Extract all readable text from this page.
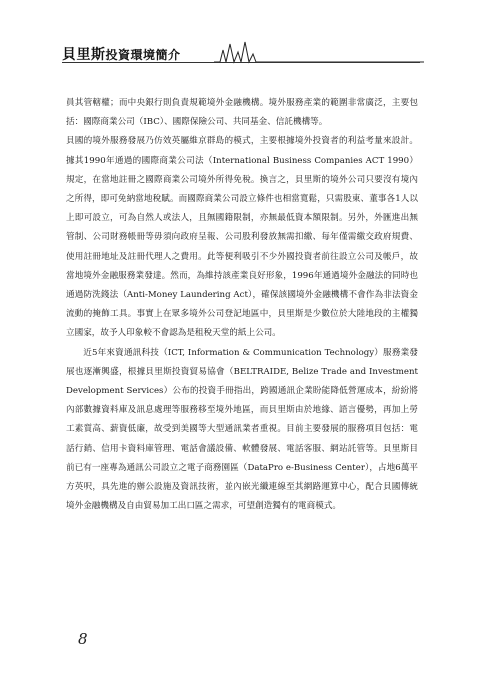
貝里斯投資環境簡介

員其管轄權；而中央銀行則負責規範境外金融機構。境外服務產業的範圍非常廣泛，主要包括：國際商業公司（IBC）、國際保險公司、共同基金、信託機構等。

貝國的境外服務發展乃仿效英屬維京群島的模式，主要根據境外投資者的利益考量來設計。據其1990年通過的國際商業公司法（International Business Companies ACT 1990）規定，在當地註冊之國際商業公司境外所得免稅。換言之，貝里斯的境外公司只要沒有境內之所得，即可免納當地稅賦。而國際商業公司設立條件也相當寬鬆，只需股東、董事各1人以上即可設立，可為自然人或法人，且無國籍限制，亦無最低資本額限制。另外，外匯進出無管制、公司財務帳冊等毋須向政府呈報、公司股利發放無需扣繳、每年僅需繳交政府規費、使用註冊地址及註冊代理人之費用。此等便利吸引不少外國投資者前往設立公司及帳戶，故當地境外金融服務業發達。然而，為維持該產業良好形象，1996年通過境外金融法的同時也通過防洗錢法（Anti-Money Laundering Act），確保該國境外金融機構不會作為非法資金流動的掩飾工具。事實上在眾多境外公司登記地區中，貝里斯是少數位於大陸地段的主權獨立國家，故予人印象較不會認為是租稅天堂的紙上公司。

近5年來資通訊科技（ICT, Information & Communication Technology）服務業發展也逐漸興盛，根據貝里斯投資貿易協會（BELTRAIDE, Belize Trade and Investment Development Services）公布的投資手冊指出，跨國通訊企業盼能降低營運成本，紛紛將內部數據資料庫及訊息處理等服務移至境外地區，而貝里斯由於地緣、語言優勢，再加上勞工素質高、薪資低廉，故受到美國等大型通訊業者重視。目前主要發展的服務項目包括：電話行銷、信用卡資料庫管理、電話會議設備、軟體發展、電話客服、網站託管等。貝里斯目前已有一座專為通訊公司設立之電子商務園區（DataPro e-Business Center），占地6萬平方英呎，具先進的辦公設施及資訊技術，並內嵌光纖連線至其網路運算中心，配合貝國傳統境外金融機構及自由貿易加工出口區之需求，可望創造獨有的電商模式。

8
